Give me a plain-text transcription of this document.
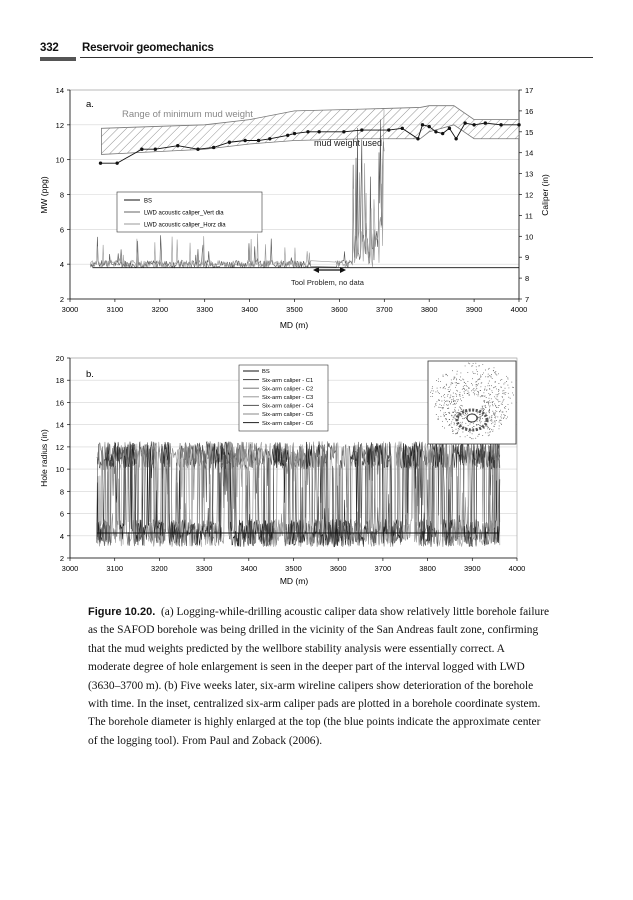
332 Reservoir geomechanics
14
12
10
8
6
4
2
17
16
15
14
13
12
11
10
9
8
7
3000	3100	3200	3300	3400	3500	3600	3700	3800	3900	4000
a.
Range of minimum mud weight
mud weight used
Tool Problem, no data
BS
LWD acoustic caliper_Vert dia
LWD acoustic caliper_Horz dia
MW (ppg)	Caliper (in)
MD (m)
20
18
16
14
12
10
8
6
4
2
3000	3100	3200	3300	3400	3500	3600	3700	3800	3900	4000
b.	BS
Six-arm caliper - C1
Six-arm caliper - C2
Six-arm caliper - C3
Six-arm caliper - C4
Six-arm caliper - C5
Six-arm caliper - C6
Hole radius (in)
MD (m)
Figure 10.20. (a) Logging-while-drilling acoustic caliper data show relatively little borehole failure
as the SAFOD borehole was being drilled in the vicinity of the San Andreas fault zone, confirming
that the mud weights predicted by the wellbore stability analysis were essentially correct. A
moderate degree of hole enlargement is seen in the deeper part of the interval logged with LWD
(3630–3700 m). (b) Five weeks later, six-arm wireline calipers show deterioration of the borehole
with time. In the inset, centralized six-arm caliper pads are plotted in a borehole coordinate system.
The borehole diameter is highly enlarged at the top (the blue points indicate the approximate center
of the logging tool). From Paul and Zoback (2006).
